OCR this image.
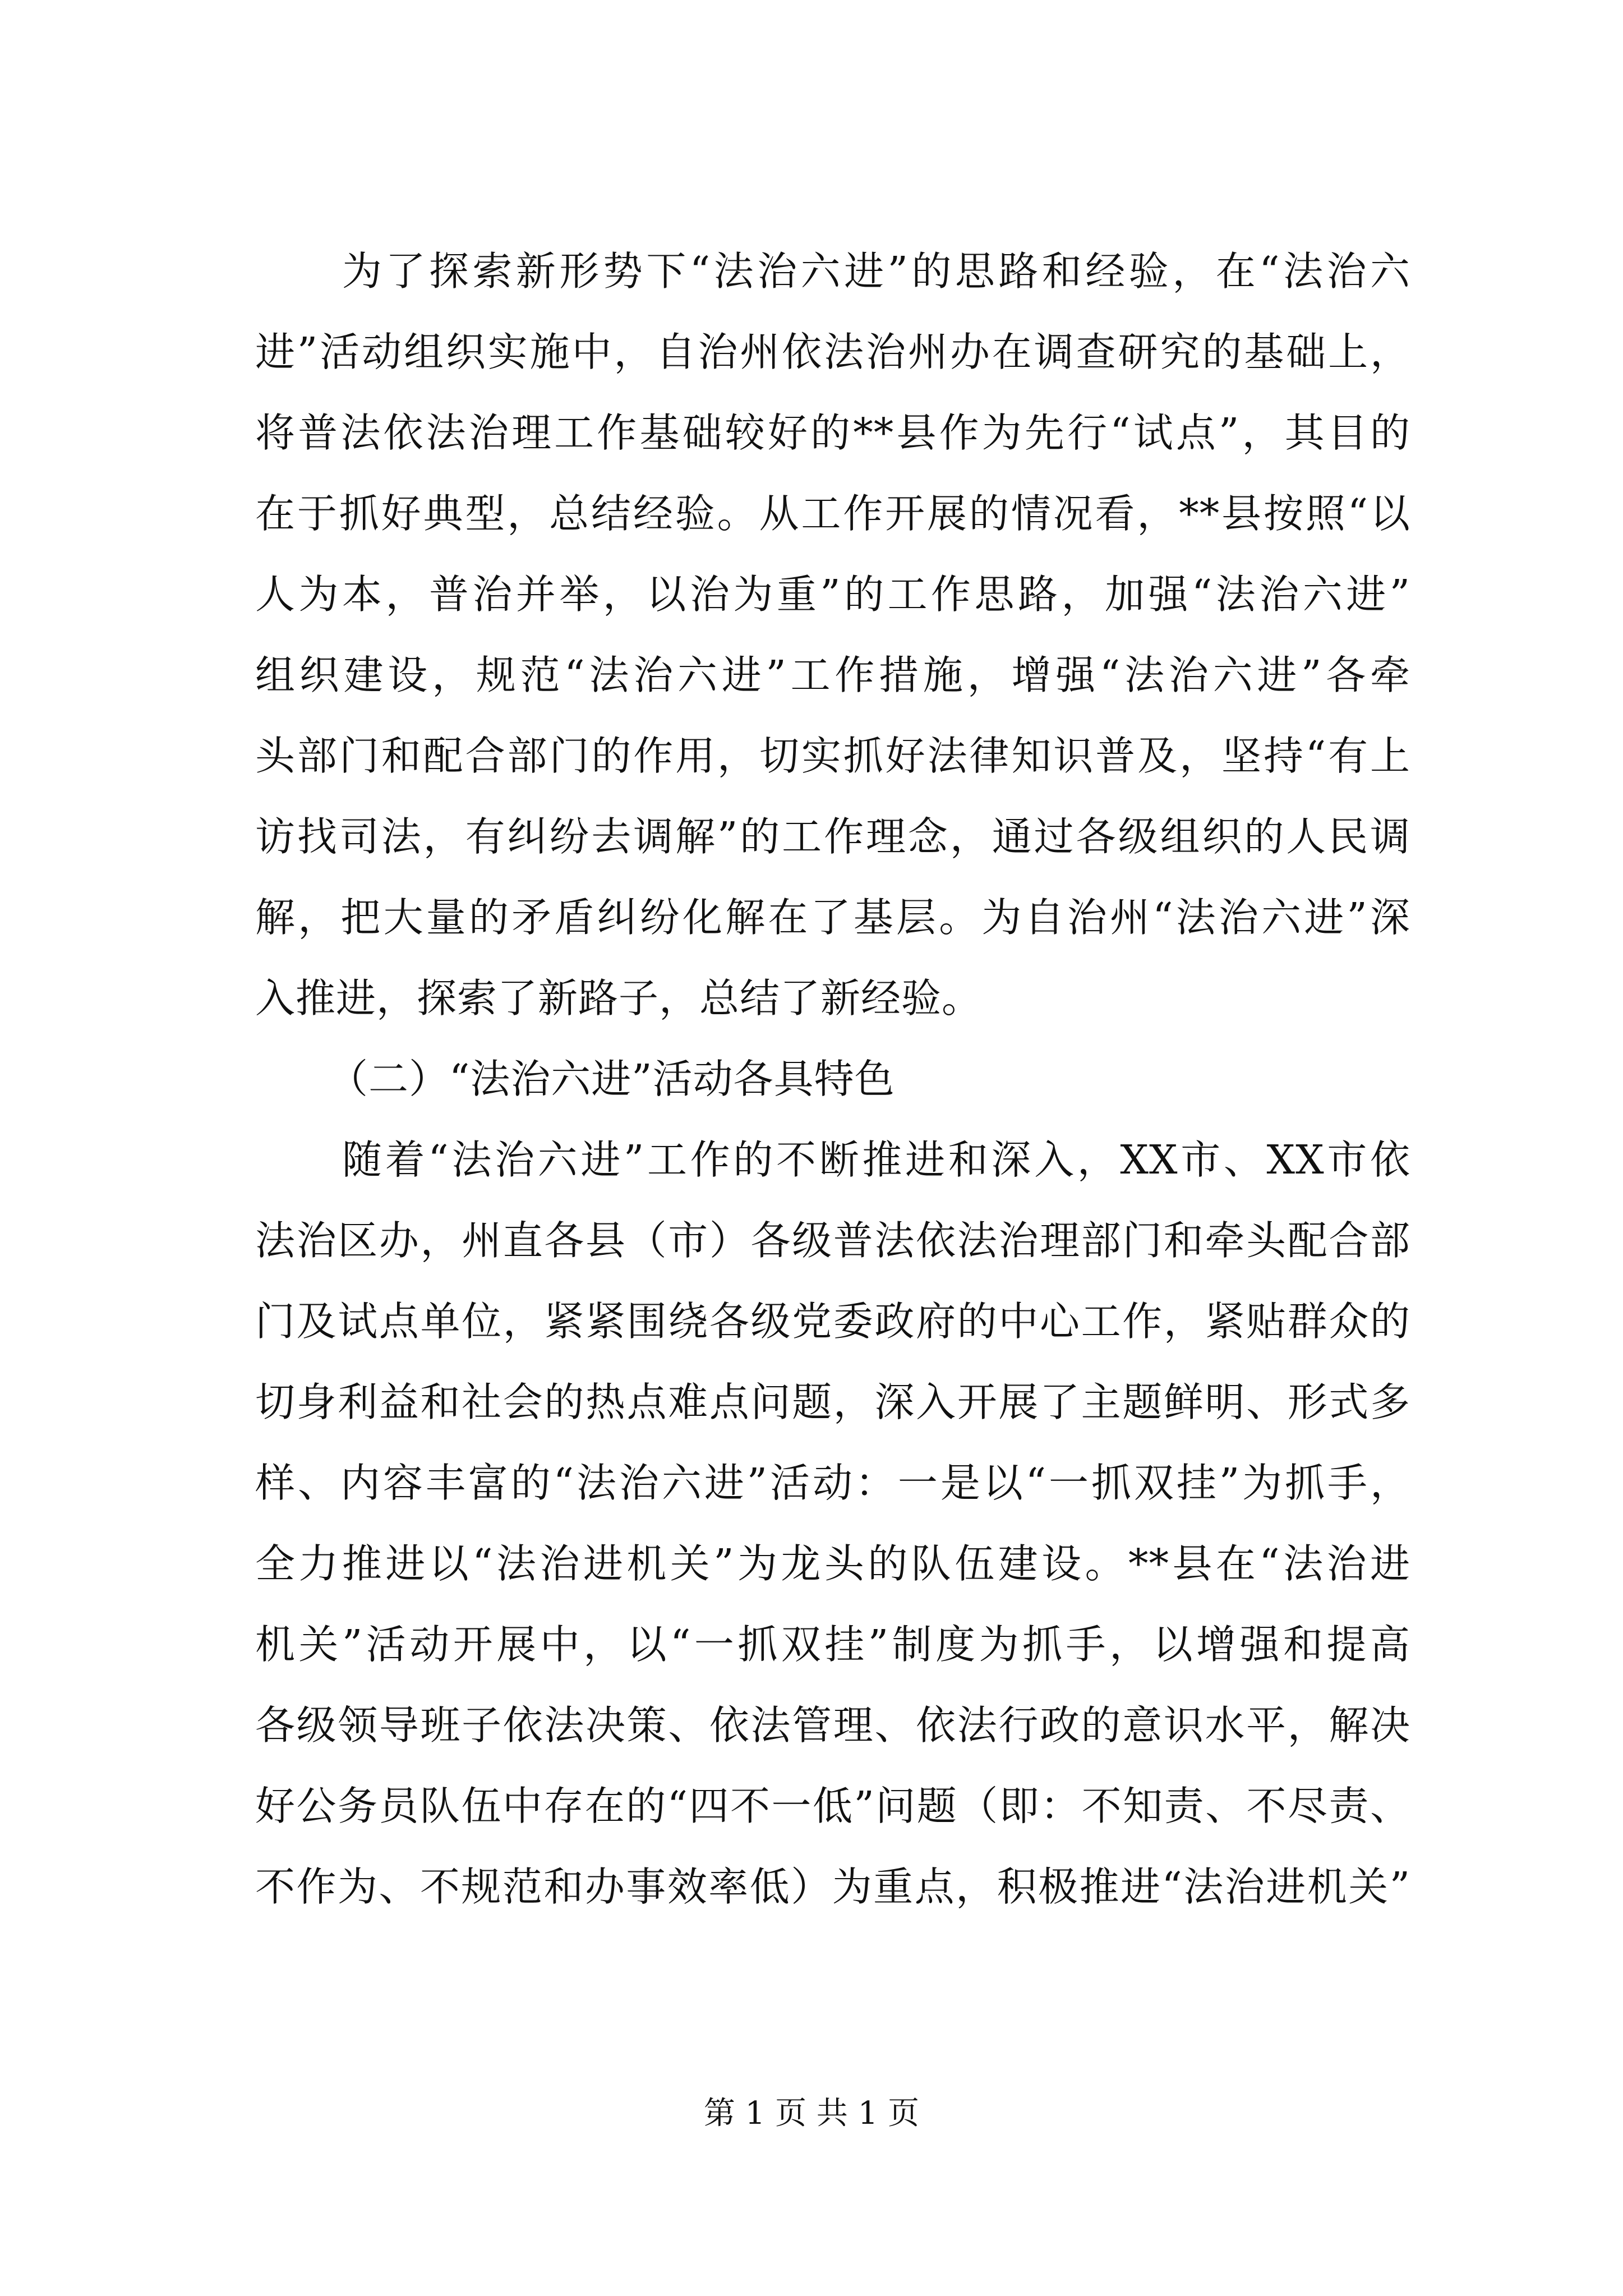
为了探索新形势下“法治六进”的思路和经验，在“法治六
进”活动组织实施中，自治州依法治州办在调查研究的基础上，
将普法依法治理工作基础较好的**县作为先行“试点”，其目的
在于抓好典型，总结经验。从工作开展的情况看，**县按照“以
人为本，普治并举，以治为重”的工作思路，加强“法治六进”
组织建设，规范“法治六进”工作措施，增强“法治六进”各牵
头部门和配合部门的作用，切实抓好法律知识普及，坚持“有上
访找司法，有纠纷去调解”的工作理念，通过各级组织的人民调
解，把大量的矛盾纠纷化解在了基层。为自治州“法治六进”深
入推进，探索了新路子，总结了新经验。
（二）“法治六进”活动各具特色
随着“法治六进”工作的不断推进和深入，XX市、XX市依
法治区办，州直各县（市）各级普法依法治理部门和牵头配合部
门及试点单位，紧紧围绕各级党委政府的中心工作，紧贴群众的
切身利益和社会的热点难点问题，深入开展了主题鲜明、形式多
样、内容丰富的“法治六进”活动：一是以“一抓双挂”为抓手，
全力推进以“法治进机关”为龙头的队伍建设。**县在“法治进
机关”活动开展中，以“一抓双挂”制度为抓手，以增强和提高
各级领导班子依法决策、依法管理、依法行政的意识水平，解决
好公务员队伍中存在的“四不一低”问题（即：不知责、不尽责、
不作为、不规范和办事效率低）为重点，积极推进“法治进机关”
第 1 页 共 1 页
